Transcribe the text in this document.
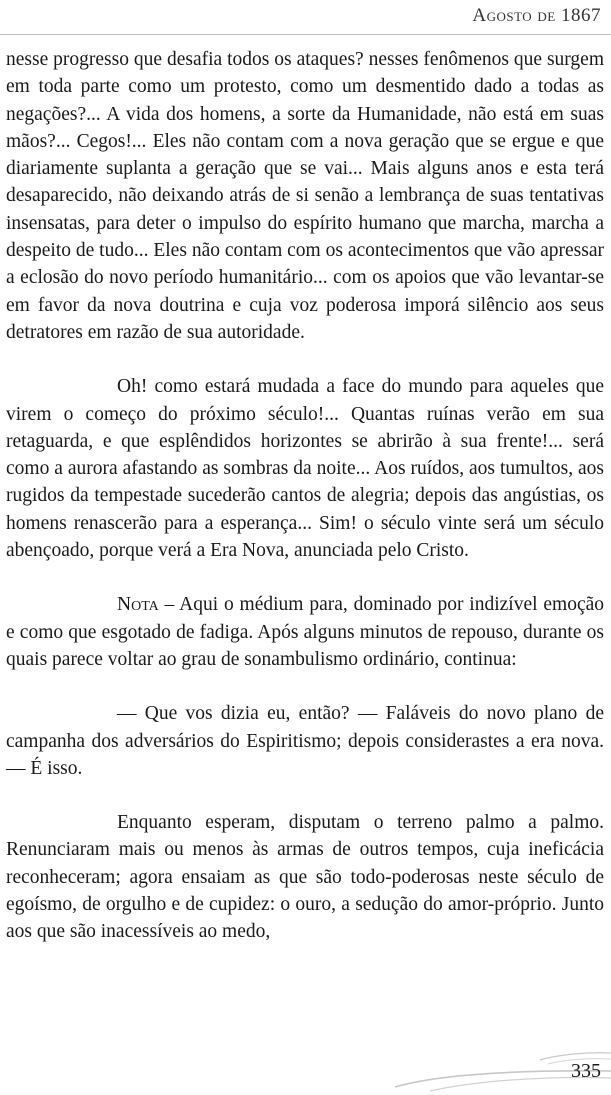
Agosto de 1867

nesse progresso que desafia todos os ataques? nesses fenômenos que surgem em toda parte como um protesto, como um desmentido dado a todas as negações?... A vida dos homens, a sorte da Humanidade, não está em suas mãos?... Cegos!... Eles não contam com a nova geração que se ergue e que diariamente suplanta a geração que se vai... Mais alguns anos e esta terá desaparecido, não deixando atrás de si senão a lembrança de suas tentativas insensatas, para deter o impulso do espírito humano que marcha, marcha a despeito de tudo... Eles não contam com os acontecimentos que vão apressar a eclosão do novo período humanitário... com os apoios que vão levantar-se em favor da nova doutrina e cuja voz poderosa imporá silêncio aos seus detratores em razão de sua autoridade.

Oh! como estará mudada a face do mundo para aqueles que virem o começo do próximo século!... Quantas ruínas verão em sua retaguarda, e que esplêndidos horizontes se abrirão à sua frente!... será como a aurora afastando as sombras da noite... Aos ruídos, aos tumultos, aos rugidos da tempestade sucederão cantos de alegria; depois das angústias, os homens renascerão para a esperança... Sim! o século vinte será um século abençoado, porque verá a Era Nova, anunciada pelo Cristo.

Nota – Aqui o médium para, dominado por indizível emoção e como que esgotado de fadiga. Após alguns minutos de repouso, durante os quais parece voltar ao grau de sonambulismo ordinário, continua:

— Que vos dizia eu, então? — Faláveis do novo plano de campanha dos adversários do Espiritismo; depois considerastes a era nova. — É isso.

Enquanto esperam, disputam o terreno palmo a palmo. Renunciaram mais ou menos às armas de outros tempos, cuja ineficácia reconheceram; agora ensaiam as que são todo-poderosas neste século de egoísmo, de orgulho e de cupidez: o ouro, a sedução do amor-próprio. Junto aos que são inacessíveis ao medo,

335
